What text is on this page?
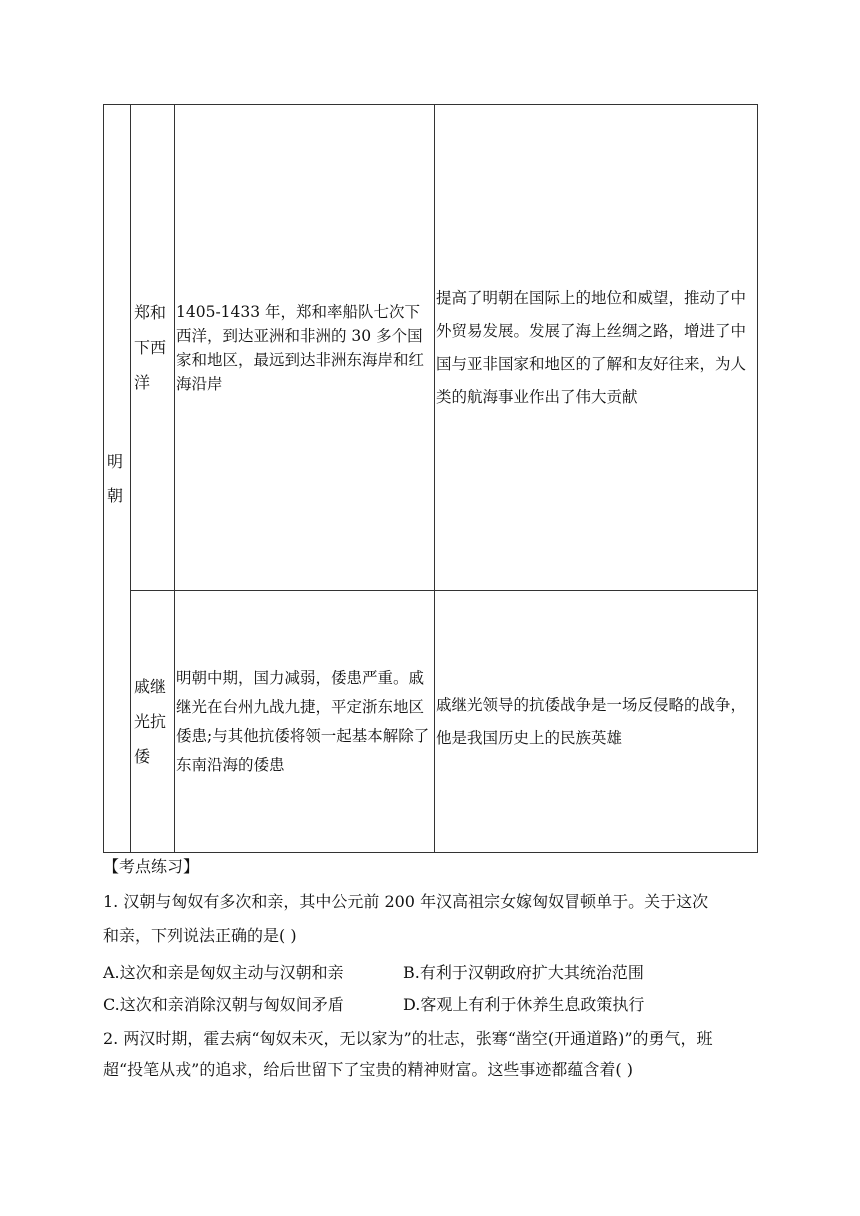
明朝
郑和下西洋
1405-1433 年，郑和率船队七次下西洋，到达亚洲和非洲的 30 多个国家和地区，最远到达非洲东海岸和红海沿岸
提高了明朝在国际上的地位和威望，推动了中外贸易发展。发展了海上丝绸之路，增进了中国与亚非国家和地区的了解和友好往来，为人类的航海事业作出了伟大贡献
戚继光抗倭
明朝中期，国力减弱，倭患严重。戚继光在台州九战九捷，平定浙东地区倭患;与其他抗倭将领一起基本解除了东南沿海的倭患
戚继光领导的抗倭战争是一场反侵略的战争，他是我国历史上的民族英雄
【考点练习】
1. 汉朝与匈奴有多次和亲，其中公元前 200 年汉高祖宗女嫁匈奴冒顿单于。关于这次
和亲，下列说法正确的是( )
A.这次和亲是匈奴主动与汉朝和亲	B.有利于汉朝政府扩大其统治范围
C.这次和亲消除汉朝与匈奴间矛盾	D.客观上有利于休养生息政策执行
2. 两汉时期，霍去病“匈奴未灭，无以家为”的壮志，张骞“凿空(开通道路)”的勇气，班
超“投笔从戎”的追求，给后世留下了宝贵的精神财富。这些事迹都蕴含着( )
